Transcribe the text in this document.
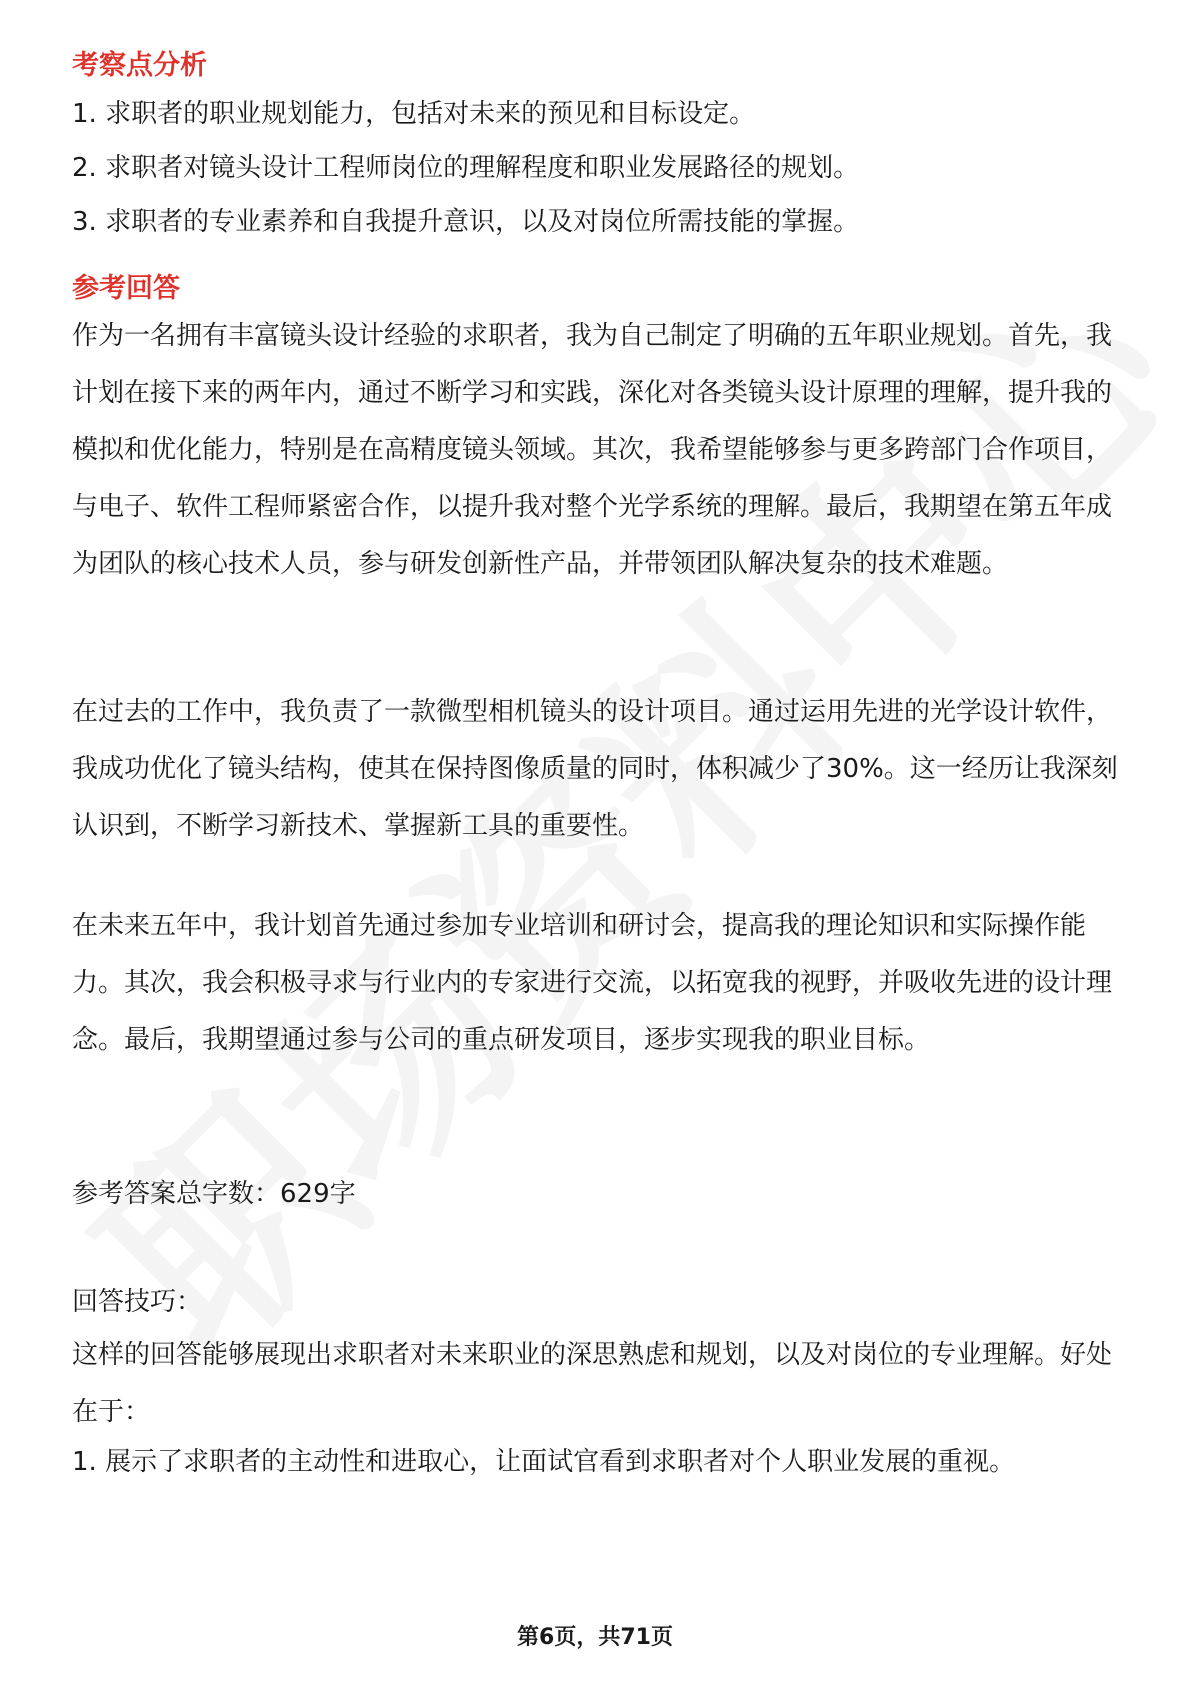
考察点分析

1. 求职者的职业规划能力，包括对未来的预见和目标设定。

2. 求职者对镜头设计工程师岗位的理解程度和职业发展路径的规划。

3. 求职者的专业素养和自我提升意识，以及对岗位所需技能的掌握。

参考回答

作为一名拥有丰富镜头设计经验的求职者，我为自己制定了明确的五年职业规划。首先，我计划在接下来的两年内，通过不断学习和实践，深化对各类镜头设计原理的理解，提升我的模拟和优化能力，特别是在高精度镜头领域。其次，我希望能够参与更多跨部门合作项目，与电子、软件工程师紧密合作，以提升我对整个光学系统的理解。最后，我期望在第五年成为团队的核心技术人员，参与研发创新性产品，并带领团队解决复杂的技术难题。

在过去的工作中，我负责了一款微型相机镜头的设计项目。通过运用先进的光学设计软件，我成功优化了镜头结构，使其在保持图像质量的同时，体积减少了30%。这一经历让我深刻认识到，不断学习新技术、掌握新工具的重要性。

在未来五年中，我计划首先通过参加专业培训和研讨会，提高我的理论知识和实际操作能力。其次，我会积极寻求与行业内的专家进行交流，以拓宽我的视野，并吸收先进的设计理念。最后，我期望通过参与公司的重点研发项目，逐步实现我的职业目标。

参考答案总字数：629字

回答技巧：

这样的回答能够展现出求职者对未来职业的深思熟虑和规划，以及对岗位的专业理解。好处在于：

1. 展示了求职者的主动性和进取心，让面试官看到求职者对个人职业发展的重视。

第6页，共71页
